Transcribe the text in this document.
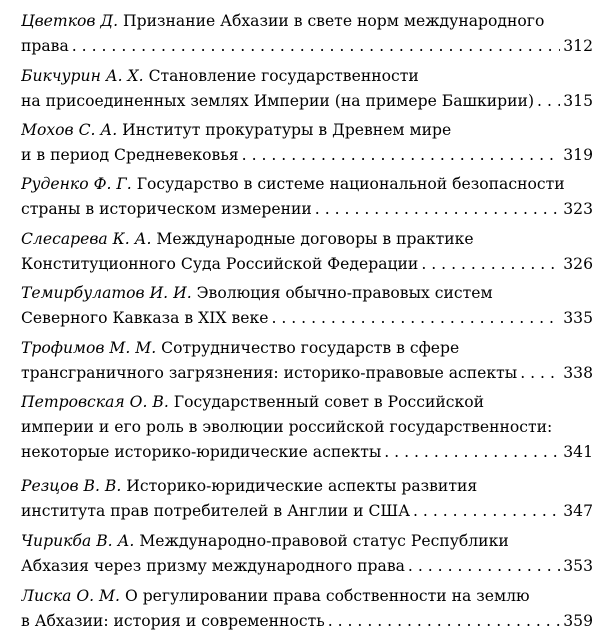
Цветков Д. Признание Абхазии в свете норм международного
права . . .	312
Бикчурин А. Х. Становление государственности
на присоединенных землях Империи (на примере Башкирии) . . . 315
Мохов С. А. Институт прокуратуры в Древнем мире
и в период Средневековья . . .	319
Руденко Ф. Г. Государство в системе национальной безопасности
страны в историческом измерении . . .	323
Слесарева К. А. Международные договоры в практике
Конституционного Суда Российской Федерации . . .	326
Темирбулатов И. И. Эволюция обычно-правовых систем
Северного Кавказа в XIX веке . . .	335
Трофимов М. М. Сотрудничество государств в сфере
трансграничного загрязнения: историко-правовые аспекты . . .	338
Петровская О. В. Государственный совет в Российской
империи и его роль в эволюции российской государственности:
некоторые историко-юридические аспекты . . .	341
Резцов В. В. Историко-юридические аспекты развития
института прав потребителей в Англии и США . . .	347
Чирикба В. А. Международно-правовой статус Республики
Абхазия через призму международного права . . .	353
Лиска О. М. О регулировании права собственности на землю
в Абхазии: история и современность . . .	359
